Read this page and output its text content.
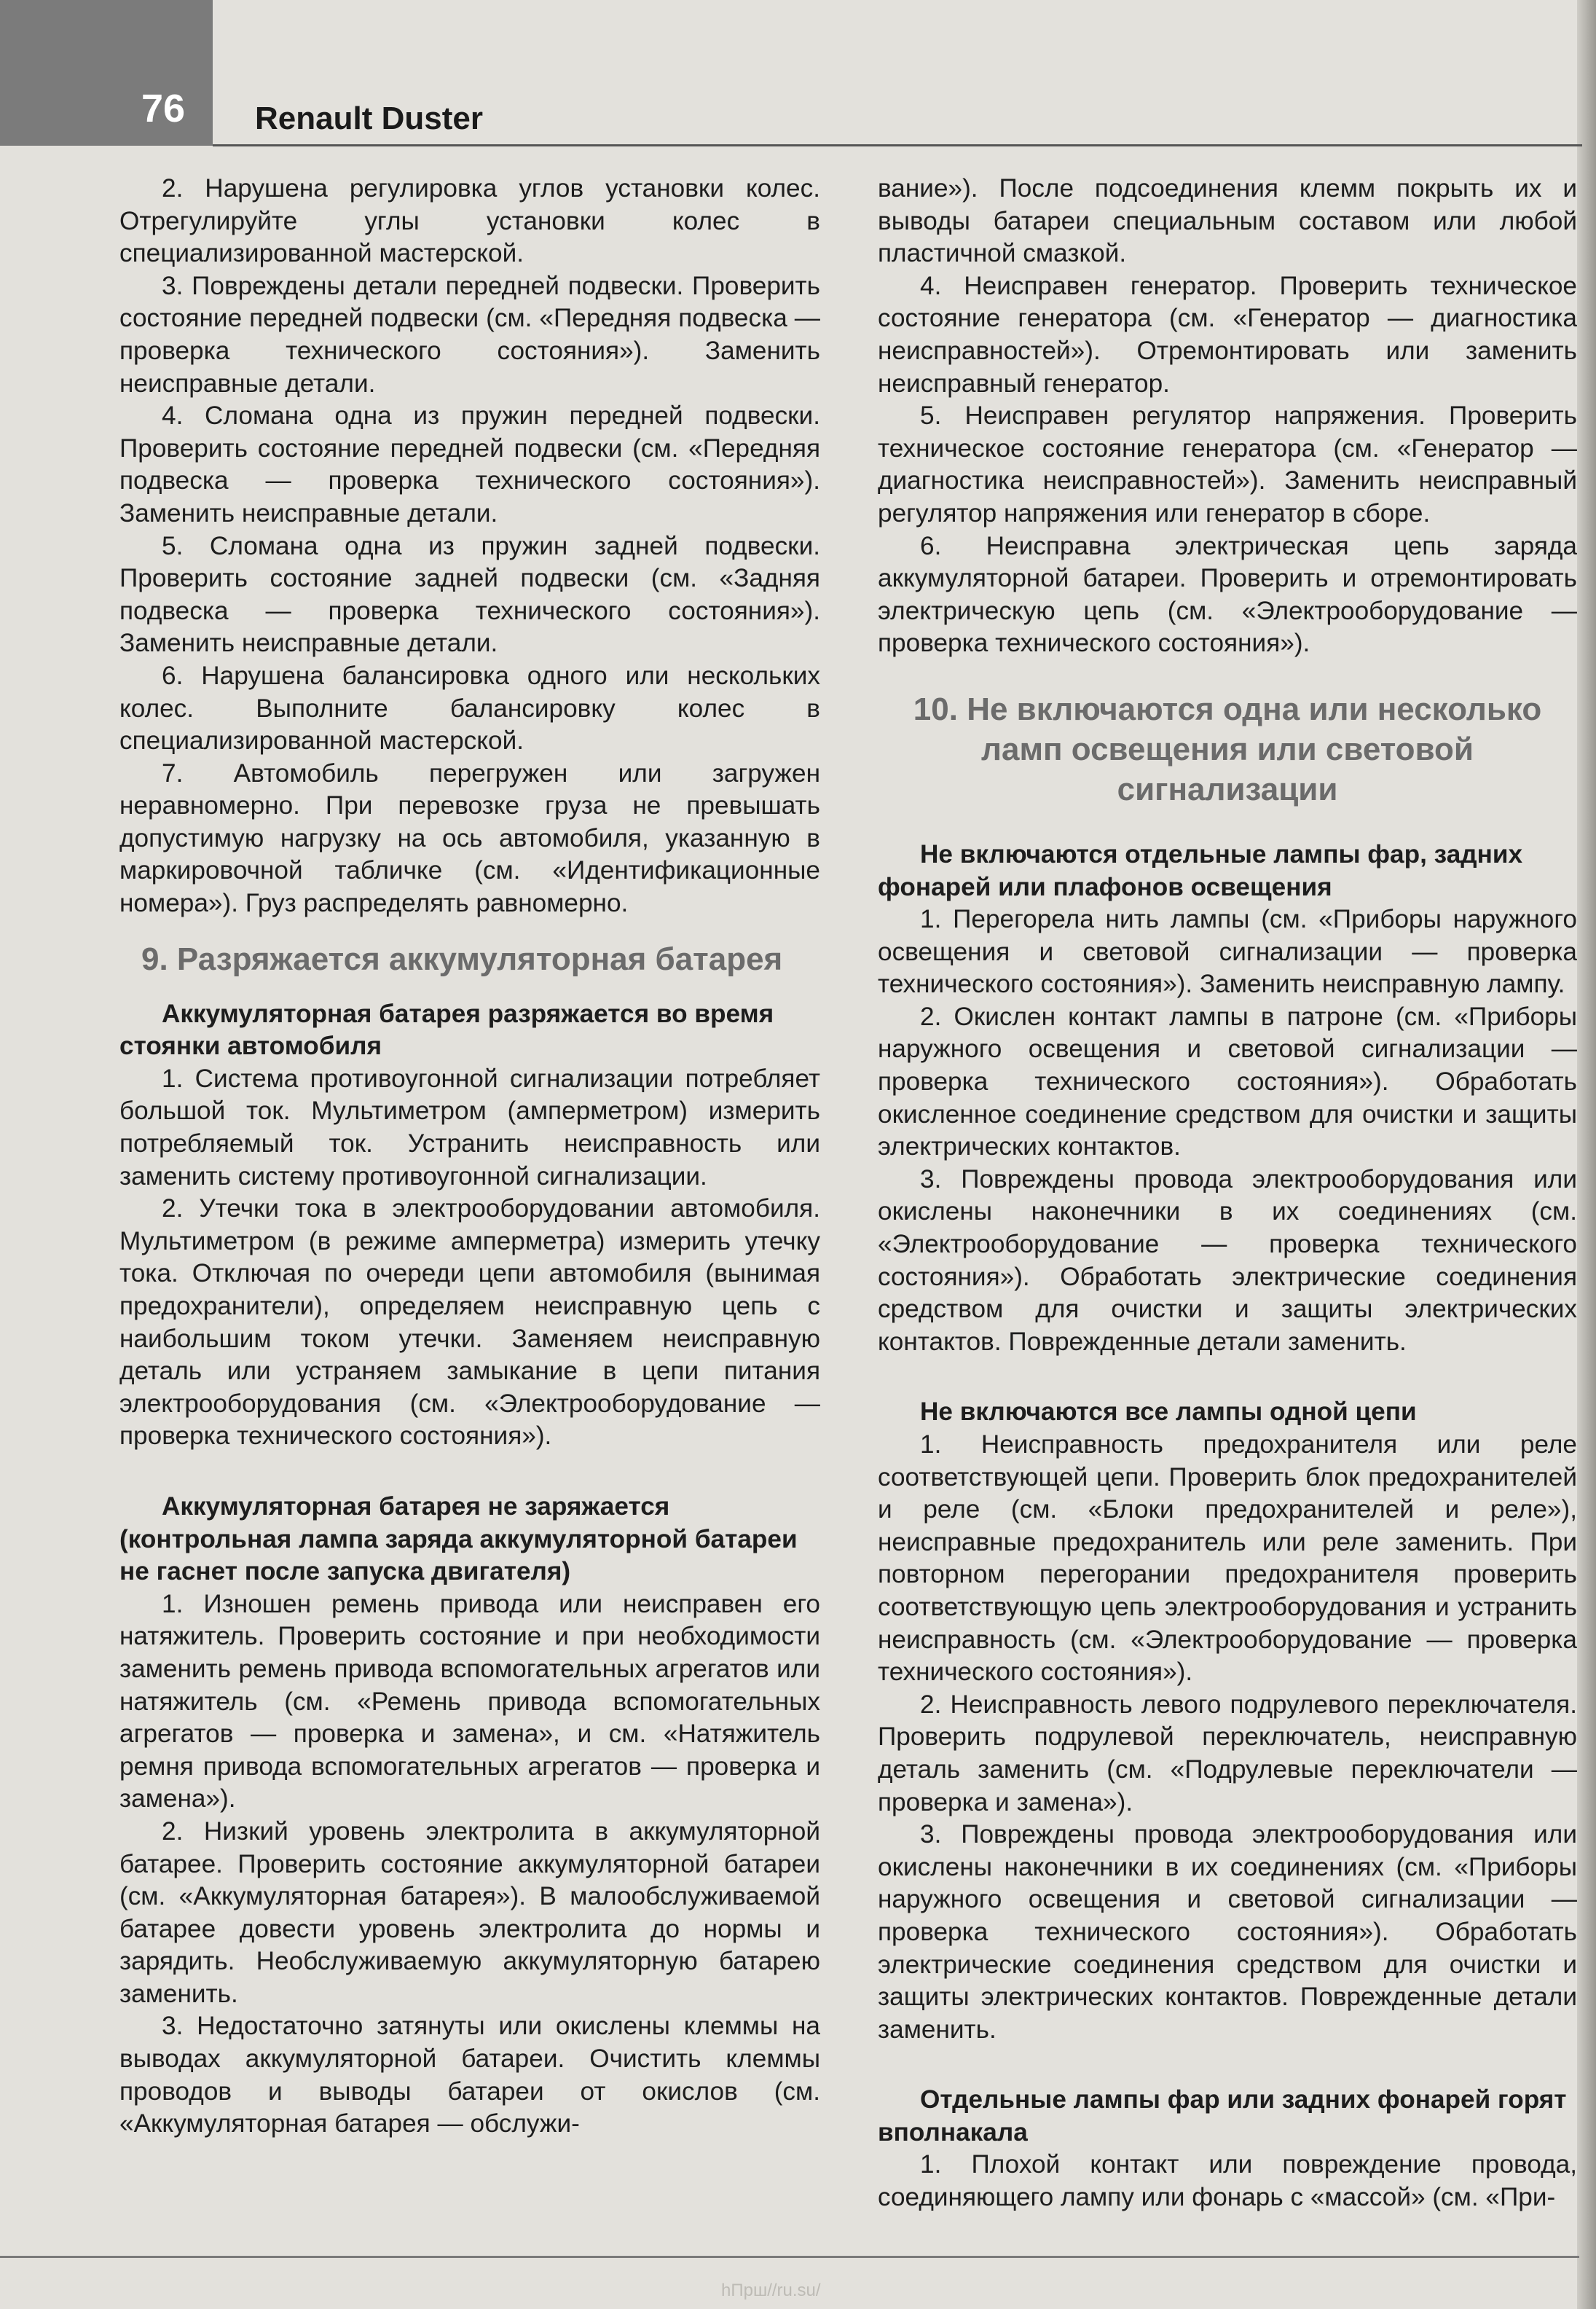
76 Renault Duster

2. Нарушена регулировка углов установки колес. Отрегулируйте углы установки колес в специализированной мастерской.

3. Повреждены детали передней подвески. Проверить состояние передней подвески (см. «Передняя подвеска — проверка технического состояния»). Заменить неисправные детали.

4. Сломана одна из пружин передней подвески. Проверить состояние передней подвески (см. «Передняя подвеска — проверка технического состояния»). Заменить неисправные детали.

5. Сломана одна из пружин задней подвески. Проверить состояние задней подвески (см. «Задняя подвеска — проверка технического состояния»). Заменить неисправные детали.

6. Нарушена балансировка одного или нескольких колес. Выполните балансировку колес в специализированной мастерской.

7. Автомобиль перегружен или загружен неравномерно. При перевозке груза не превышать допустимую нагрузку на ось автомобиля, указанную в маркировочной табличке (см. «Идентификационные номера»). Груз распределять равномерно.

9. Разряжается аккумуляторная батарея
Аккумуляторная батарея разряжается во время стоянки автомобиля

1. Система противоугонной сигнализации потребляет большой ток. Мультиметром (амперметром) измерить потребляемый ток. Устранить неисправность или заменить систему противоугонной сигнализации.

2. Утечки тока в электрооборудовании автомобиля. Мультиметром (в режиме амперметра) измерить утечку тока. Отключая по очереди цепи автомобиля (вынимая предохранители), определяем неисправную цепь с наибольшим током утечки. Заменяем неисправную деталь или устраняем замыкание в цепи питания электрооборудования (см. «Электрооборудование — проверка технического состояния»).

Аккумуляторная батарея не заряжается (контрольная лампа заряда аккумуляторной батареи не гаснет после запуска двигателя)

1. Изношен ремень привода или неисправен его натяжитель. Проверить состояние и при необходимости заменить ремень привода вспомогательных агрегатов или натяжитель (см. «Ремень привода вспомогательных агрегатов — проверка и замена», и см. «Натяжитель ремня привода вспомогательных агрегатов — проверка и замена»).

2. Низкий уровень электролита в аккумуляторной батарее. Проверить состояние аккумуляторной батареи (см. «Аккумуляторная батарея»). В малообслуживаемой батарее довести уровень электролита до нормы и зарядить. Необслуживаемую аккумуляторную батарею заменить.

3. Недостаточно затянуты или окислены клеммы на выводах аккумуляторной батареи. Очистить клеммы проводов и выводы батареи от окислов (см. «Аккумуляторная батарея — обслужи-

вание»). После подсоединения клемм покрыть их и выводы батареи специальным составом или любой пластичной смазкой.

4. Неисправен генератор. Проверить техническое состояние генератора (см. «Генератор — диагностика неисправностей»). Отремонтировать или заменить неисправный генератор.

5. Неисправен регулятор напряжения. Проверить техническое состояние генератора (см. «Генератор — диагностика неисправностей»). Заменить неисправный регулятор напряжения или генератор в сборе.

6. Неисправна электрическая цепь заряда аккумуляторной батареи. Проверить и отремонтировать электрическую цепь (см. «Электрооборудование — проверка технического состояния»).

10. Не включаются одна или несколько ламп освещения или световой сигнализации
Не включаются отдельные лампы фар, задних фонарей или плафонов освещения

1. Перегорела нить лампы (см. «Приборы наружного освещения и световой сигнализации — проверка технического состояния»). Заменить неисправную лампу.

2. Окислен контакт лампы в патроне (см. «Приборы наружного освещения и световой сигнализации — проверка технического состояния»). Обработать окисленное соединение средством для очистки и защиты электрических контактов.

3. Повреждены провода электрооборудования или окислены наконечники в их соединениях (см. «Электрооборудование — проверка технического состояния»). Обработать электрические соединения средством для очистки и защиты электрических контактов. Поврежденные детали заменить.

Не включаются все лампы одной цепи

1. Неисправность предохранителя или реле соответствующей цепи. Проверить блок предохранителей и реле (см. «Блоки предохранителей и реле»), неисправные предохранитель или реле заменить. При повторном перегорании предохранителя проверить соответствующую цепь электрооборудования и устранить неисправность (см. «Электрооборудование — проверка технического состояния»).

2. Неисправность левого подрулевого переключателя. Проверить подрулевой переключатель, неисправную деталь заменить (см. «Подрулевые переключатели — проверка и замена»).

3. Повреждены провода электрооборудования или окислены наконечники в их соединениях (см. «Приборы наружного освещения и световой сигнализации — проверка технического состояния»). Обработать электрические соединения средством для очистки и защиты электрических контактов. Поврежденные детали заменить.

Отдельные лампы фар или задних фонарей горят вполнакала

1. Плохой контакт или повреждение провода, соединяющего лампу или фонарь с «массой» (см. «При-

hПpш//ru.su/
